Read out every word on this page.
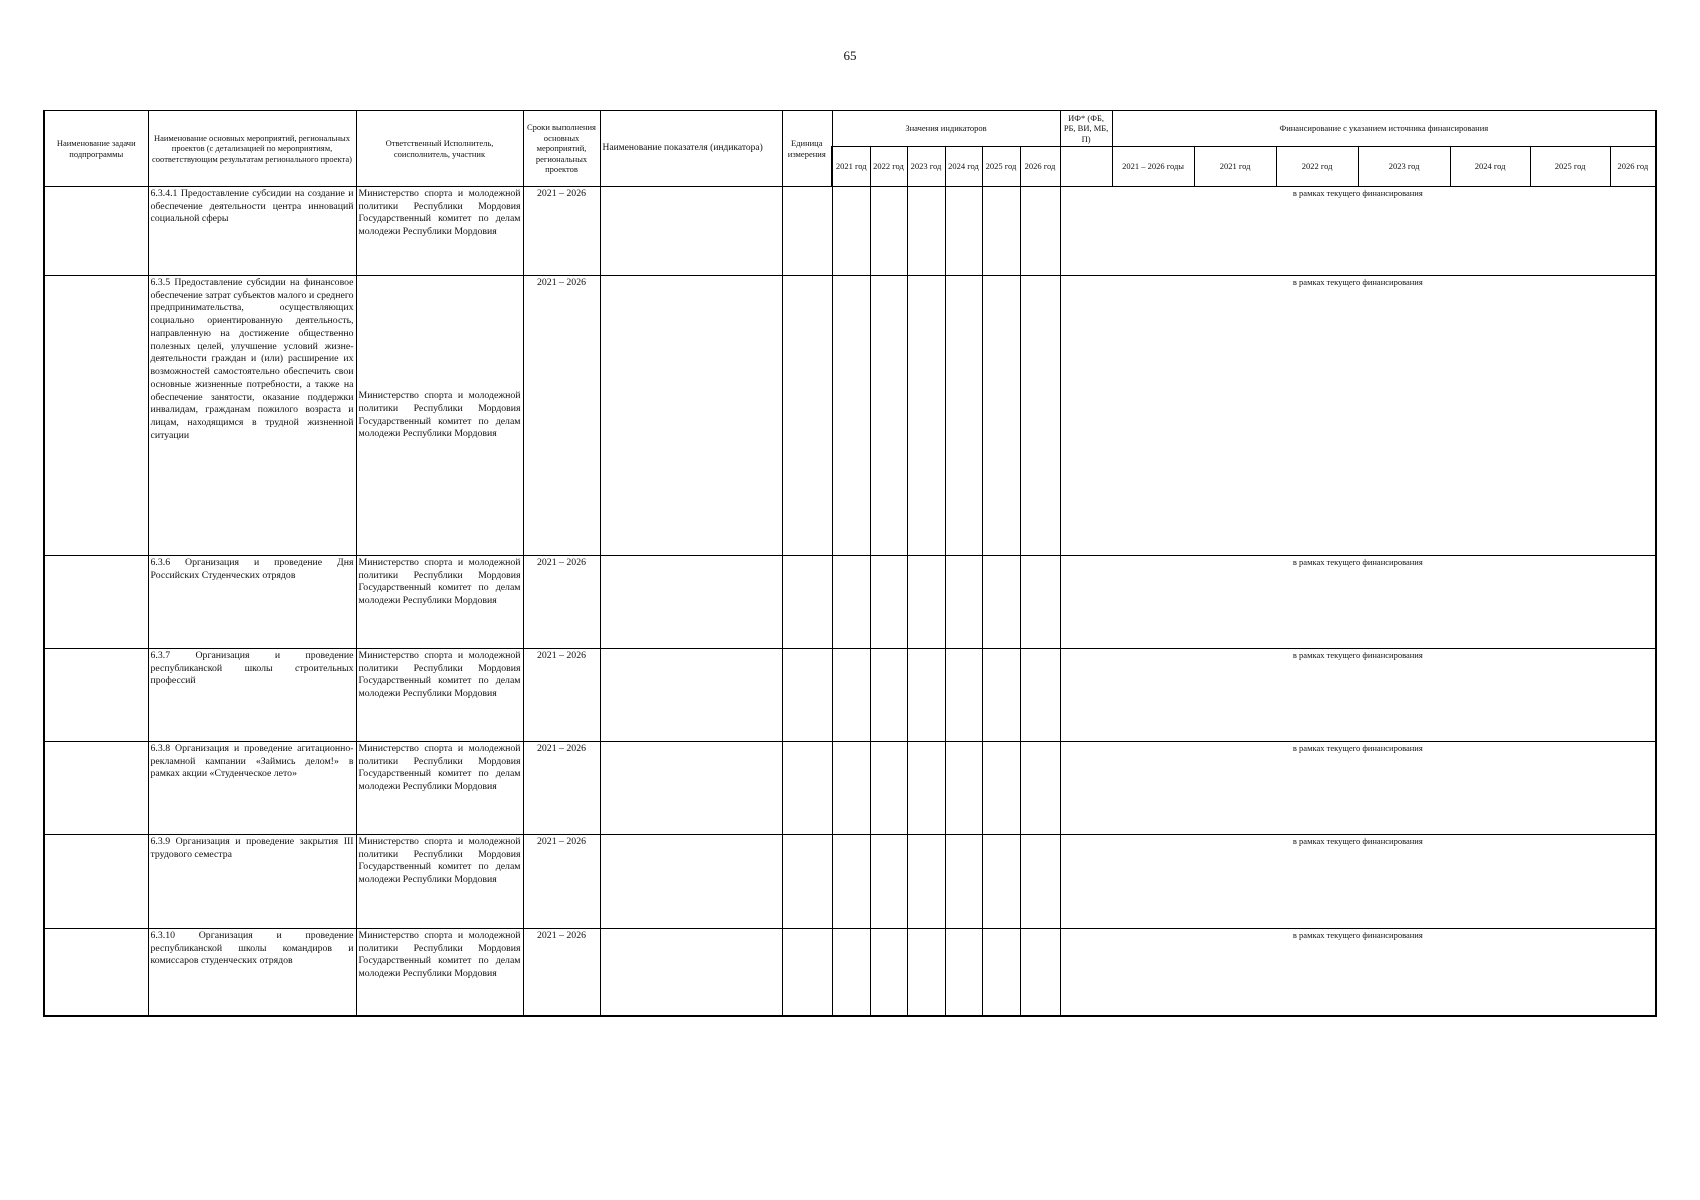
65
Наименование задачи подпрограммы	Наименование основных мероприятий, региональных проектов (с детализацией по мероприятиям, соответствующим результатам регионального проекта)	Ответственный Исполнитель, соисполнитель, участник	Сроки выполнения основных мероприятий, региональных проектов	Наименование показателя (индикатора)	Единица измерения	Значения индикаторов						ИФ* (ФБ, РБ, ВИ, МБ, П)	Финансирование с указанием источника финансирования						
						2021 год	2022 год	2023 год	2024 год	2025 год	2026 год		2021 – 2026 годы	2021 год	2022 год	2023 год	2024 год	2025 год	2026 год
	6.3.4.1 Предоставление субсидии на создание и обеспечение деятельности центра инноваций социальной сферы	Министерство спорта и молодежной политики Республики Мордовия Государственный комитет по делам молодежи Республики Мордовия	2021 – 2026									в рамках текущего финансирования							
	6.3.5 Предоставление субсидии на финансовое обеспечение затрат субъектов малого и среднего предпринимательства, осуществляющих социально ориентированную деятельность, направленную на достижение общественно полезных целей, улучшение условий жизне-деятельности граждан и (или) расширение их возможностей самостоятельно обеспечить свои основные жизненные потребности, а также на обеспечение занятости, оказание поддержки инвалидам, гражданам пожилого возраста и лицам, находящимся в трудной жизненной ситуации	Министерство спорта и молодежной политики Республики Мордовия Государственный комитет по делам молодежи Республики Мордовия	2021 – 2026									в рамках текущего финансирования							
	6.3.6 Организация и проведение Дня Российских Студенческих отрядов	Министерство спорта и молодежной политики Республики Мордовия Государственный комитет по делам молодежи Республики Мордовия	2021 – 2026									в рамках текущего финансирования							
	6.3.7 Организация и проведение республиканской школы строительных профессий	Министерство спорта и молодежной политики Республики Мордовия Государственный комитет по делам молодежи Республики Мордовия	2021 – 2026									в рамках текущего финансирования							
	6.3.8 Организация и проведение агитационно-рекламной кампании «Займись делом!» в рамках акции «Студенческое лето»	Министерство спорта и молодежной политики Республики Мордовия Государственный комитет по делам молодежи Республики Мордовия	2021 – 2026									в рамках текущего финансирования							
	6.3.9 Организация и проведение закрытия III трудового семестра	Министерство спорта и молодежной политики Республики Мордовия Государственный комитет по делам молодежи Республики Мордовия	2021 – 2026									в рамках текущего финансирования							
	6.3.10 Организация и проведение республиканской школы командиров и комиссаров студенческих отрядов	Министерство спорта и молодежной политики Республики Мордовия Государственный комитет по делам молодежи Республики Мордовия	2021 – 2026									в рамках текущего финансирования							
